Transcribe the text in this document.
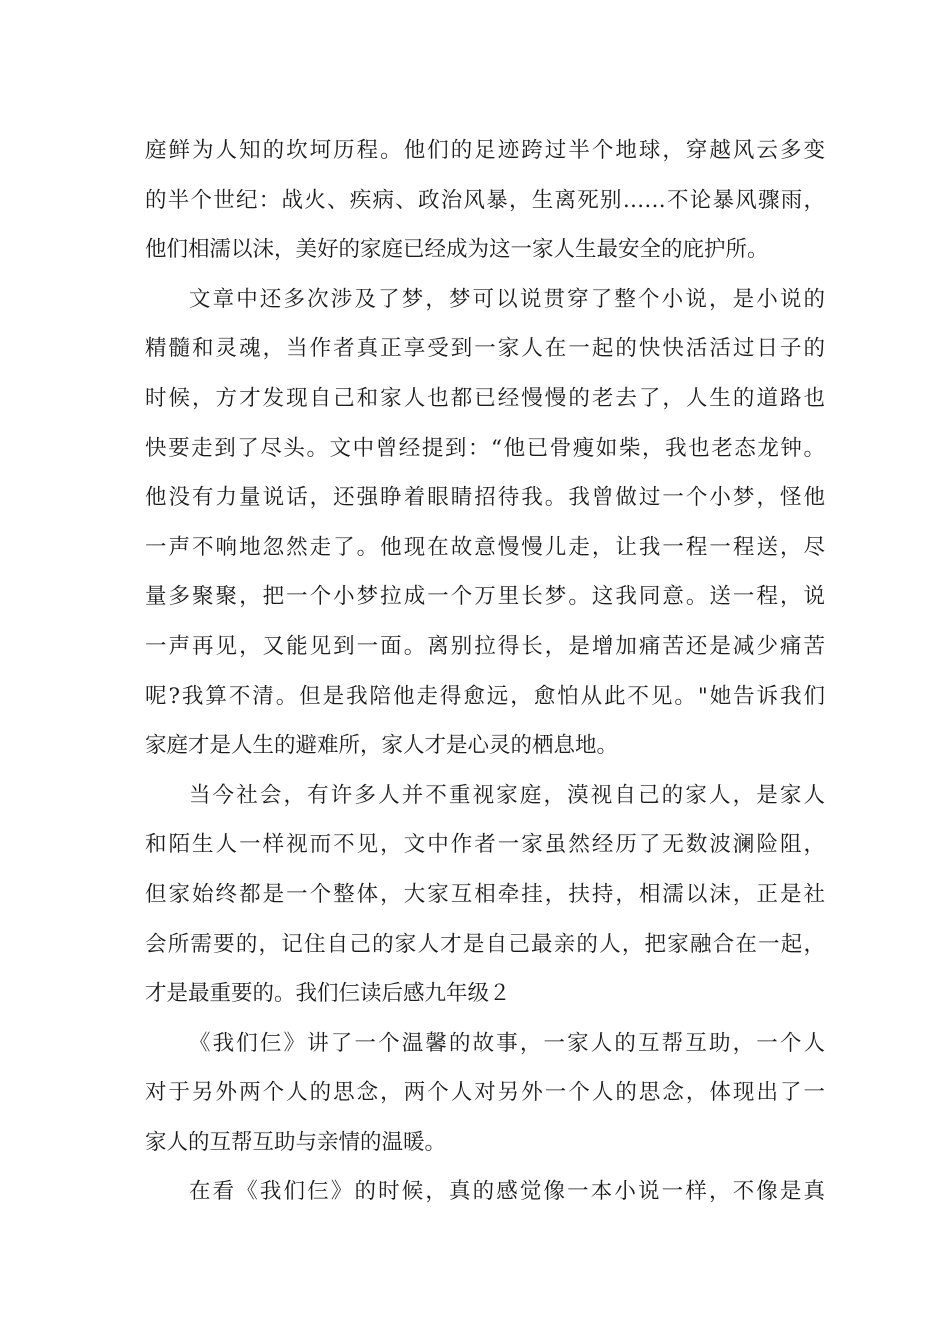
庭鲜为人知的坎坷历程。他们的足迹跨过半个地球，穿越风云多变
的半个世纪：战火、疾病、政治风暴，生离死别……不论暴风骤雨，
他们相濡以沫，美好的家庭已经成为这一家人生最安全的庇护所。
文章中还多次涉及了梦，梦可以说贯穿了整个小说，是小说的
精髓和灵魂，当作者真正享受到一家人在一起的快快活活过日子的
时候，方才发现自己和家人也都已经慢慢的老去了，人生的道路也
快要走到了尽头。文中曾经提到：“他已骨瘦如柴，我也老态龙钟。
他没有力量说话，还强睁着眼睛招待我。我曾做过一个小梦，怪他
一声不响地忽然走了。他现在故意慢慢儿走，让我一程一程送，尽
量多聚聚，把一个小梦拉成一个万里长梦。这我同意。送一程，说
一声再见，又能见到一面。离别拉得长，是增加痛苦还是减少痛苦
呢?我算不清。但是我陪他走得愈远，愈怕从此不见。"她告诉我们
家庭才是人生的避难所，家人才是心灵的栖息地。
当今社会，有许多人并不重视家庭，漠视自己的家人，是家人
和陌生人一样视而不见，文中作者一家虽然经历了无数波澜险阻，
但家始终都是一个整体，大家互相牵挂，扶持，相濡以沫，正是社
会所需要的，记住自己的家人才是自己最亲的人，把家融合在一起，
才是最重要的。我们仨读后感九年级２
《我们仨》讲了一个温馨的故事，一家人的互帮互助，一个人
对于另外两个人的思念，两个人对另外一个人的思念，体现出了一
家人的互帮互助与亲情的温暖。
在看《我们仨》的时候，真的感觉像一本小说一样，不像是真
